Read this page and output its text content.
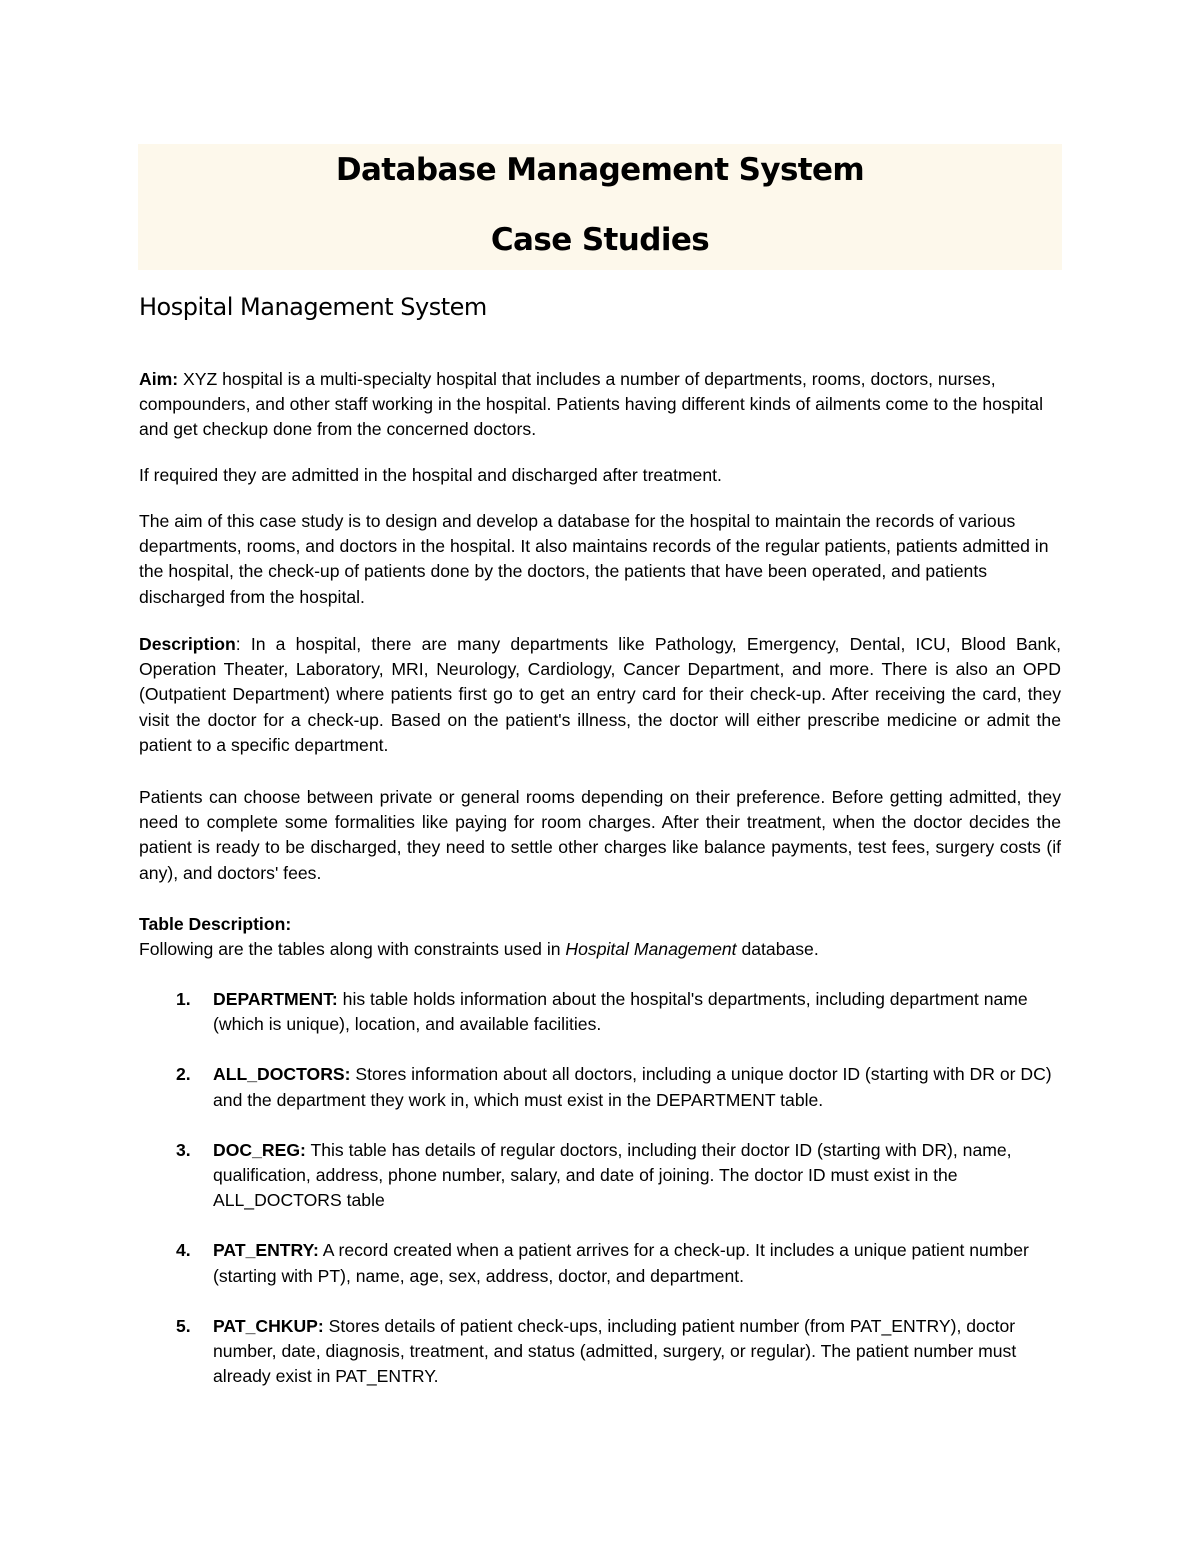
Database Management System
Case Studies
Hospital Management System

Aim: XYZ hospital is a multi-specialty hospital that includes a number of departments, rooms, doctors, nurses, compounders, and other staff working in the hospital. Patients having different kinds of ailments come to the hospital and get checkup done from the concerned doctors.

If required they are admitted in the hospital and discharged after treatment.

The aim of this case study is to design and develop a database for the hospital to maintain the records of various departments, rooms, and doctors in the hospital. It also maintains records of the regular patients, patients admitted in the hospital, the check-up of patients done by the doctors, the patients that have been operated, and patients discharged from the hospital.

Description: In a hospital, there are many departments like Pathology, Emergency, Dental, ICU, Blood Bank, Operation Theater, Laboratory, MRI, Neurology, Cardiology, Cancer Department, and more. There is also an OPD (Outpatient Department) where patients first go to get an entry card for their check-up. After receiving the card, they visit the doctor for a check-up. Based on the patient's illness, the doctor will either prescribe medicine or admit the patient to a specific department.

Patients can choose between private or general rooms depending on their preference. Before getting admitted, they need to complete some formalities like paying for room charges. After their treatment, when the doctor decides the patient is ready to be discharged, they need to settle other charges like balance payments, test fees, surgery costs (if any), and doctors' fees.

Table Description:
Following are the tables along with constraints used in Hospital Management database.
1. DEPARTMENT: his table holds information about the hospital's departments, including department name (which is unique), location, and available facilities.
2. ALL_DOCTORS: Stores information about all doctors, including a unique doctor ID (starting with DR or DC) and the department they work in, which must exist in the DEPARTMENT table.
3. DOC_REG: This table has details of regular doctors, including their doctor ID (starting with DR), name, qualification, address, phone number, salary, and date of joining. The doctor ID must exist in the ALL_DOCTORS table
4. PAT_ENTRY: A record created when a patient arrives for a check-up. It includes a unique patient number (starting with PT), name, age, sex, address, doctor, and department.
5. PAT_CHKUP: Stores details of patient check-ups, including patient number (from PAT_ENTRY), doctor number, date, diagnosis, treatment, and status (admitted, surgery, or regular). The patient number must already exist in PAT_ENTRY.
